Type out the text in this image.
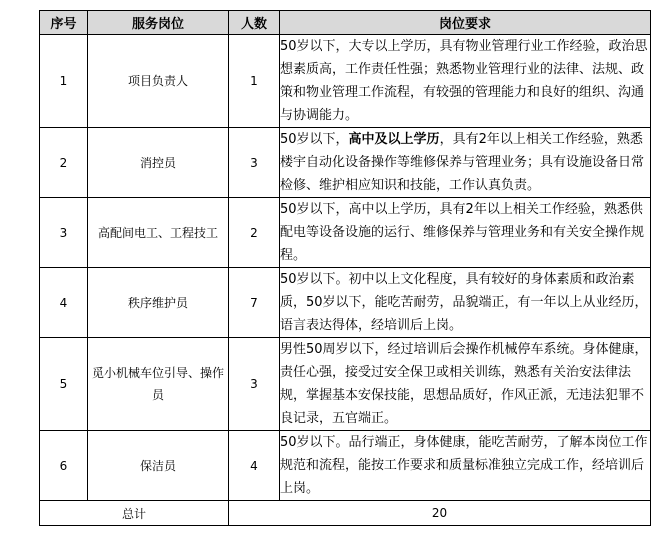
序号	服务岗位	人数	岗位要求
1	项目负责人	1	50岁以下，大专以上学历，具有物业管理行业工作经验，政治思想素质高，工作责任性强；熟悉物业管理行业的法律、法规、政策和物业管理工作流程，有较强的管理能力和良好的组织、沟通与协调能力。
2	消控员	3	50岁以下，高中及以上学历，具有2年以上相关工作经验，熟悉楼宇自动化设备操作等维修保养与管理业务；具有设施设备日常检修、维护相应知识和技能，工作认真负责。
3	高配间电工、工程技工	2	50岁以下，高中以上学历，具有2年以上相关工作经验，熟悉供配电等设备设施的运行、维修保养与管理业务和有关安全操作规程。
4	秩序维护员	7	50岁以下。初中以上文化程度，具有较好的身体素质和政治素质，50岁以下，能吃苦耐劳，品貌端正，有一年以上从业经历，语言表达得体，经培训后上岗。
5	觅小机械车位引导、操作员	3	男性50周岁以下，经过培训后会操作机械停车系统。身体健康，责任心强，接受过安全保卫或相关训练，熟悉有关治安法律法规，掌握基本安保技能，思想品质好，作风正派，无违法犯罪不良记录，五官端正。
6	保洁员	4	50岁以下。品行端正，身体健康，能吃苦耐劳，了解本岗位工作规范和流程，能按工作要求和质量标准独立完成工作，经培训后上岗。
总计		20	
